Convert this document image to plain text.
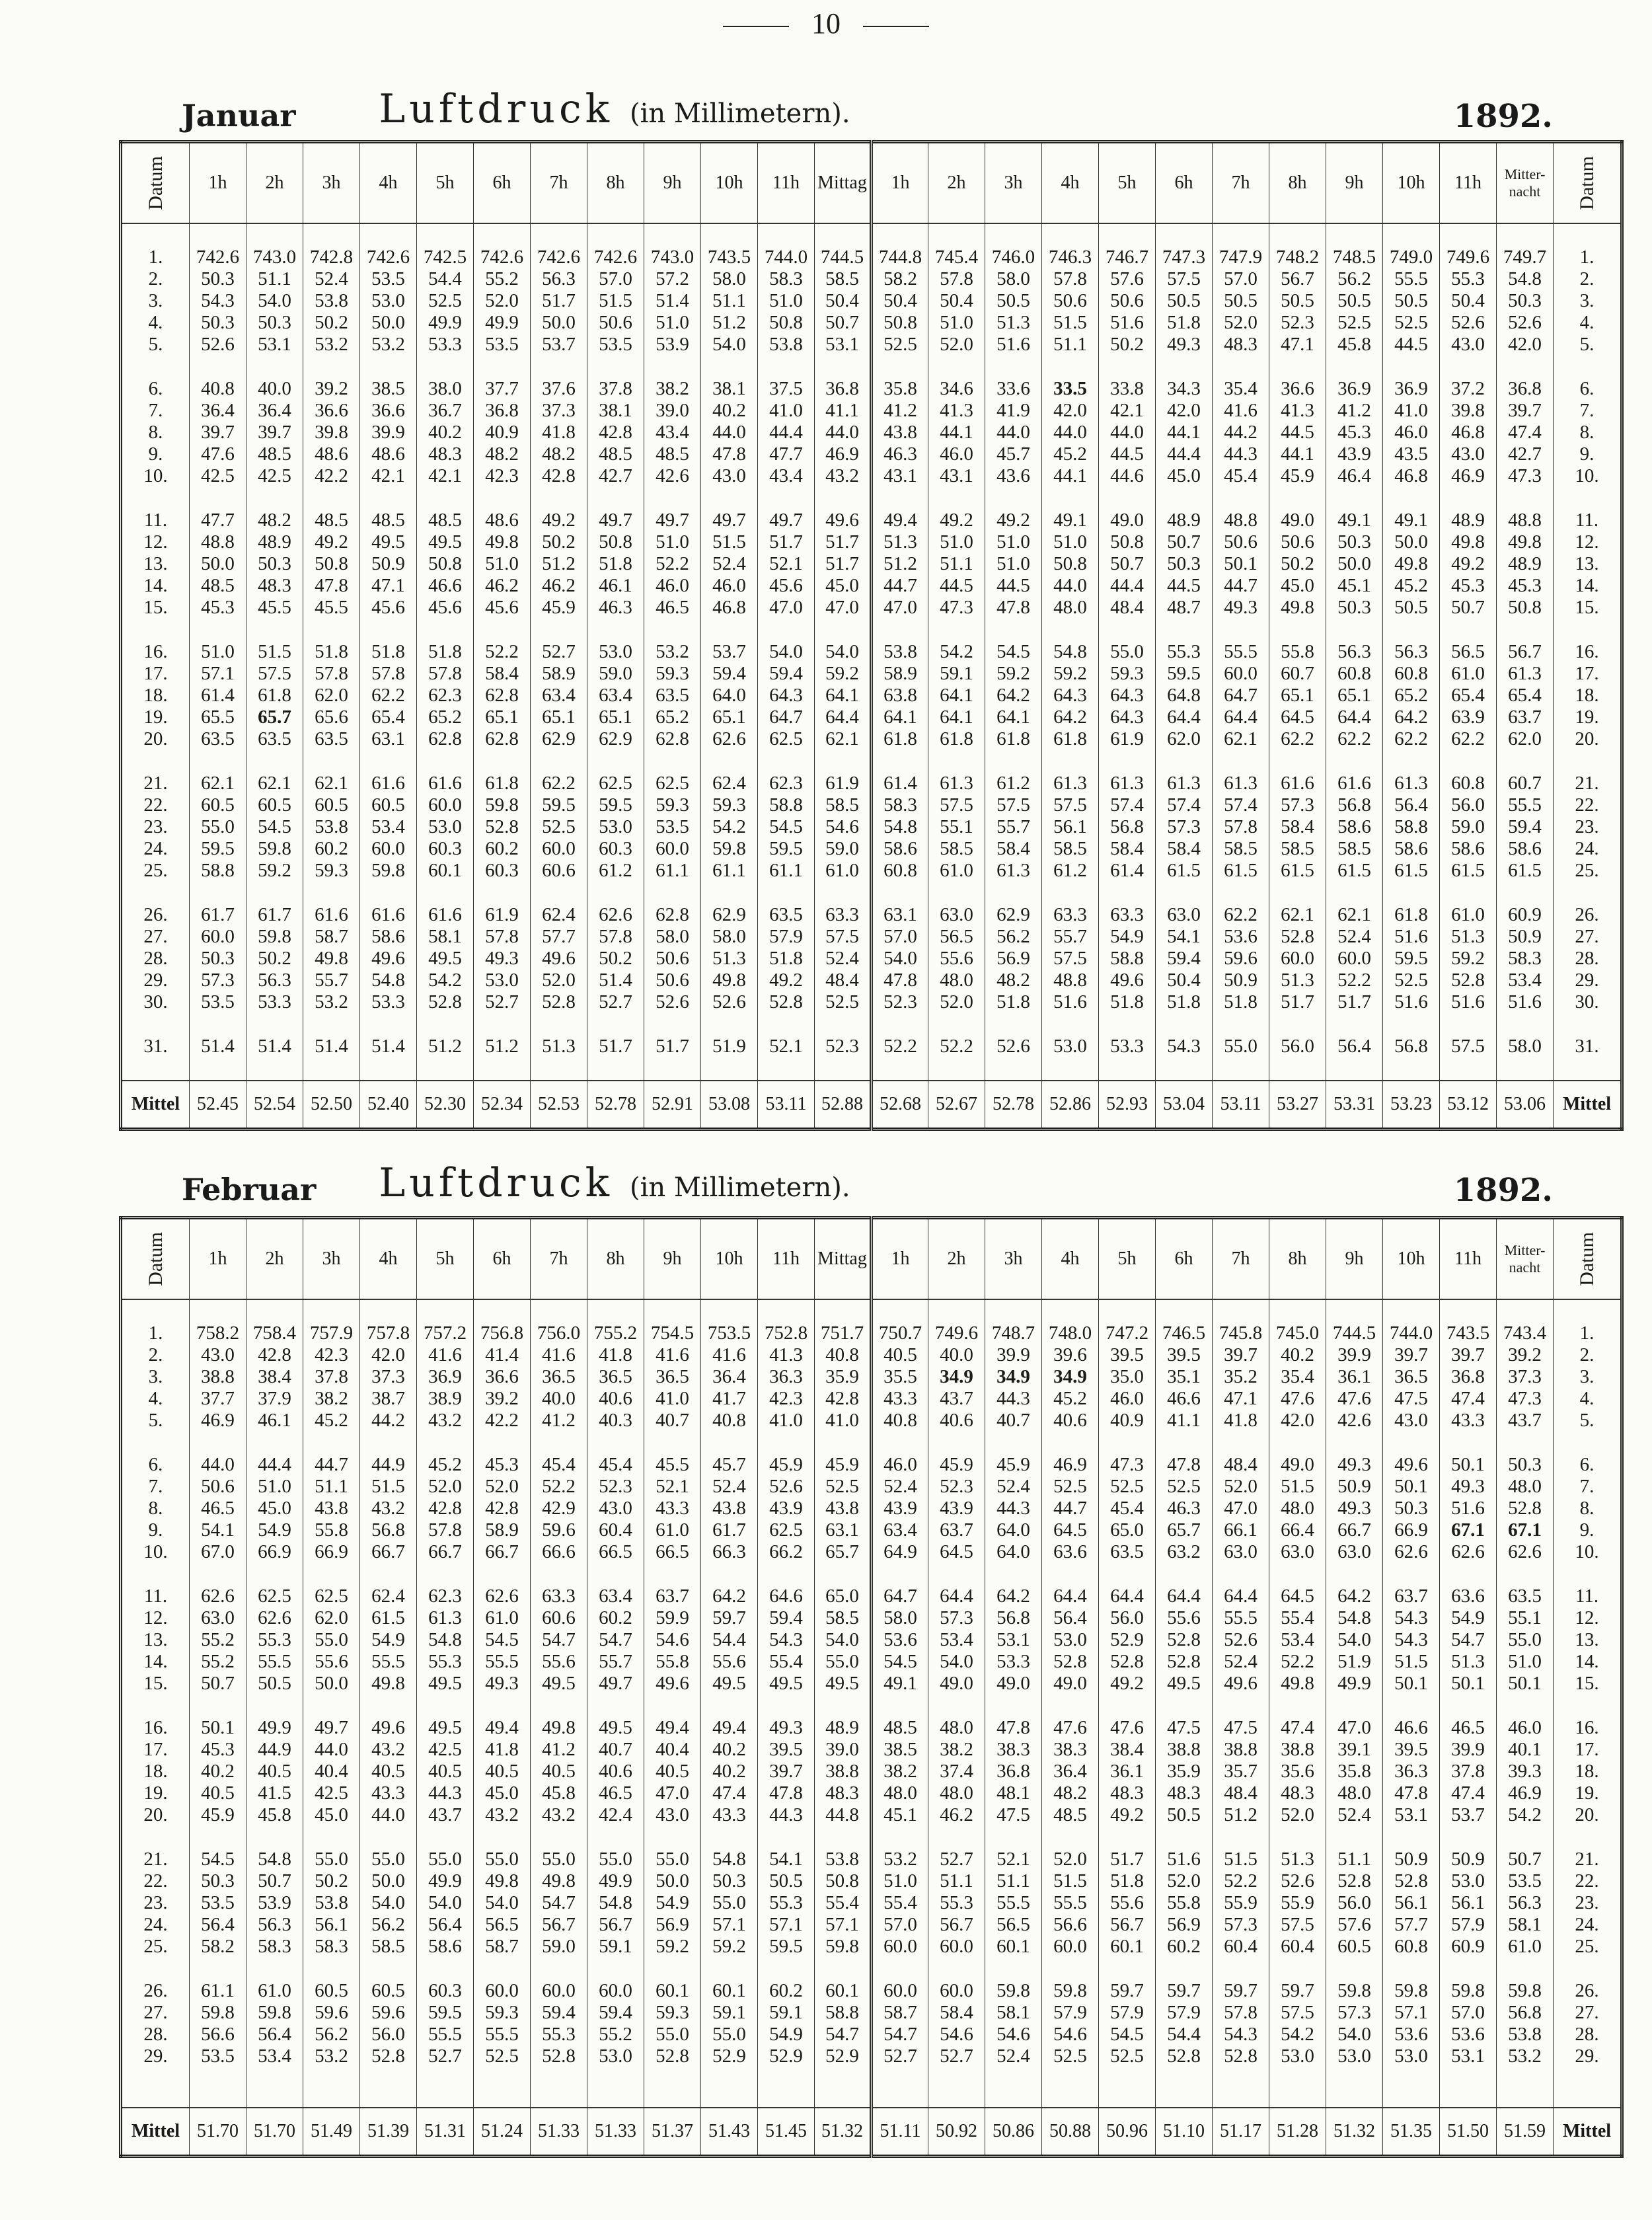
10
Januar	Luftdruck (in Millimetern).	1892.
Datum	1h	2h	3h	4h	5h	6h	7h	8h	9h	10h	11h	Mittag	1h	2h	3h	4h	5h	6h	7h	8h	9h	10h	11h	Mitter-nacht	Datum

1.	742.6	743.0	742.8	742.6	742.5	742.6	742.6	742.6	743.0	743.5	744.0	744.5	744.8	745.4	746.0	746.3	746.7	747.3	747.9	748.2	748.5	749.0	749.6	749.7	1.
2.	50.3	51.1	52.4	53.5	54.4	55.2	56.3	57.0	57.2	58.0	58.3	58.5	58.2	57.8	58.0	57.8	57.6	57.5	57.0	56.7	56.2	55.5	55.3	54.8	2.
3.	54.3	54.0	53.8	53.0	52.5	52.0	51.7	51.5	51.4	51.1	51.0	50.4	50.4	50.4	50.5	50.6	50.6	50.5	50.5	50.5	50.5	50.5	50.4	50.3	3.
4.	50.3	50.3	50.2	50.0	49.9	49.9	50.0	50.6	51.0	51.2	50.8	50.7	50.8	51.0	51.3	51.5	51.6	51.8	52.0	52.3	52.5	52.5	52.6	52.6	4.
5.	52.6	53.1	53.2	53.2	53.3	53.5	53.7	53.5	53.9	54.0	53.8	53.1	52.5	52.0	51.6	51.1	50.2	49.3	48.3	47.1	45.8	44.5	43.0	42.0	5.

6.	40.8	40.0	39.2	38.5	38.0	37.7	37.6	37.8	38.2	38.1	37.5	36.8	35.8	34.6	33.6	33.5	33.8	34.3	35.4	36.6	36.9	36.9	37.2	36.8	6.
7.	36.4	36.4	36.6	36.6	36.7	36.8	37.3	38.1	39.0	40.2	41.0	41.1	41.2	41.3	41.9	42.0	42.1	42.0	41.6	41.3	41.2	41.0	39.8	39.7	7.
8.	39.7	39.7	39.8	39.9	40.2	40.9	41.8	42.8	43.4	44.0	44.4	44.0	43.8	44.1	44.0	44.0	44.0	44.1	44.2	44.5	45.3	46.0	46.8	47.4	8.
9.	47.6	48.5	48.6	48.6	48.3	48.2	48.2	48.5	48.5	47.8	47.7	46.9	46.3	46.0	45.7	45.2	44.5	44.4	44.3	44.1	43.9	43.5	43.0	42.7	9.
10.	42.5	42.5	42.2	42.1	42.1	42.3	42.8	42.7	42.6	43.0	43.4	43.2	43.1	43.1	43.6	44.1	44.6	45.0	45.4	45.9	46.4	46.8	46.9	47.3	10.

11.	47.7	48.2	48.5	48.5	48.5	48.6	49.2	49.7	49.7	49.7	49.7	49.6	49.4	49.2	49.2	49.1	49.0	48.9	48.8	49.0	49.1	49.1	48.9	48.8	11.
12.	48.8	48.9	49.2	49.5	49.5	49.8	50.2	50.8	51.0	51.5	51.7	51.7	51.3	51.0	51.0	51.0	50.8	50.7	50.6	50.6	50.3	50.0	49.8	49.8	12.
13.	50.0	50.3	50.8	50.9	50.8	51.0	51.2	51.8	52.2	52.4	52.1	51.7	51.2	51.1	51.0	50.8	50.7	50.3	50.1	50.2	50.0	49.8	49.2	48.9	13.
14.	48.5	48.3	47.8	47.1	46.6	46.2	46.2	46.1	46.0	46.0	45.6	45.0	44.7	44.5	44.5	44.0	44.4	44.5	44.7	45.0	45.1	45.2	45.3	45.3	14.
15.	45.3	45.5	45.5	45.6	45.6	45.6	45.9	46.3	46.5	46.8	47.0	47.0	47.0	47.3	47.8	48.0	48.4	48.7	49.3	49.8	50.3	50.5	50.7	50.8	15.

16.	51.0	51.5	51.8	51.8	51.8	52.2	52.7	53.0	53.2	53.7	54.0	54.0	53.8	54.2	54.5	54.8	55.0	55.3	55.5	55.8	56.3	56.3	56.5	56.7	16.
17.	57.1	57.5	57.8	57.8	57.8	58.4	58.9	59.0	59.3	59.4	59.4	59.2	58.9	59.1	59.2	59.2	59.3	59.5	60.0	60.7	60.8	60.8	61.0	61.3	17.
18.	61.4	61.8	62.0	62.2	62.3	62.8	63.4	63.4	63.5	64.0	64.3	64.1	63.8	64.1	64.2	64.3	64.3	64.8	64.7	65.1	65.1	65.2	65.4	65.4	18.
19.	65.5	65.7	65.6	65.4	65.2	65.1	65.1	65.1	65.2	65.1	64.7	64.4	64.1	64.1	64.1	64.2	64.3	64.4	64.4	64.5	64.4	64.2	63.9	63.7	19.
20.	63.5	63.5	63.5	63.1	62.8	62.8	62.9	62.9	62.8	62.6	62.5	62.1	61.8	61.8	61.8	61.8	61.9	62.0	62.1	62.2	62.2	62.2	62.2	62.0	20.

21.	62.1	62.1	62.1	61.6	61.6	61.8	62.2	62.5	62.5	62.4	62.3	61.9	61.4	61.3	61.2	61.3	61.3	61.3	61.3	61.6	61.6	61.3	60.8	60.7	21.
22.	60.5	60.5	60.5	60.5	60.0	59.8	59.5	59.5	59.3	59.3	58.8	58.5	58.3	57.5	57.5	57.5	57.4	57.4	57.4	57.3	56.8	56.4	56.0	55.5	22.
23.	55.0	54.5	53.8	53.4	53.0	52.8	52.5	53.0	53.5	54.2	54.5	54.6	54.8	55.1	55.7	56.1	56.8	57.3	57.8	58.4	58.6	58.8	59.0	59.4	23.
24.	59.5	59.8	60.2	60.0	60.3	60.2	60.0	60.3	60.0	59.8	59.5	59.0	58.6	58.5	58.4	58.5	58.4	58.4	58.5	58.5	58.5	58.6	58.6	58.6	24.
25.	58.8	59.2	59.3	59.8	60.1	60.3	60.6	61.2	61.1	61.1	61.1	61.0	60.8	61.0	61.3	61.2	61.4	61.5	61.5	61.5	61.5	61.5	61.5	61.5	25.

26.	61.7	61.7	61.6	61.6	61.6	61.9	62.4	62.6	62.8	62.9	63.5	63.3	63.1	63.0	62.9	63.3	63.3	63.0	62.2	62.1	62.1	61.8	61.0	60.9	26.
27.	60.0	59.8	58.7	58.6	58.1	57.8	57.7	57.8	58.0	58.0	57.9	57.5	57.0	56.5	56.2	55.7	54.9	54.1	53.6	52.8	52.4	51.6	51.3	50.9	27.
28.	50.3	50.2	49.8	49.6	49.5	49.3	49.6	50.2	50.6	51.3	51.8	52.4	54.0	55.6	56.9	57.5	58.8	59.4	59.6	60.0	60.0	59.5	59.2	58.3	28.
29.	57.3	56.3	55.7	54.8	54.2	53.0	52.0	51.4	50.6	49.8	49.2	48.4	47.8	48.0	48.2	48.8	49.6	50.4	50.9	51.3	52.2	52.5	52.8	53.4	29.
30.	53.5	53.3	53.2	53.3	52.8	52.7	52.8	52.7	52.6	52.6	52.8	52.5	52.3	52.0	51.8	51.6	51.8	51.8	51.8	51.7	51.7	51.6	51.6	51.6	30.

31.	51.4	51.4	51.4	51.4	51.2	51.2	51.3	51.7	51.7	51.9	52.1	52.3	52.2	52.2	52.6	53.0	53.3	54.3	55.0	56.0	56.4	56.8	57.5	58.0	31.

Mittel	52.45	52.54	52.50	52.40	52.30	52.34	52.53	52.78	52.91	53.08	53.11	52.88	52.68	52.67	52.78	52.86	52.93	53.04	53.11	53.27	53.31	53.23	53.12	53.06	Mittel
Februar	Luftdruck (in Millimetern).	1892.
Datum	1h	2h	3h	4h	5h	6h	7h	8h	9h	10h	11h	Mittag	1h	2h	3h	4h	5h	6h	7h	8h	9h	10h	11h	Mitter-nacht	Datum

1.	758.2	758.4	757.9	757.8	757.2	756.8	756.0	755.2	754.5	753.5	752.8	751.7	750.7	749.6	748.7	748.0	747.2	746.5	745.8	745.0	744.5	744.0	743.5	743.4	1.
2.	43.0	42.8	42.3	42.0	41.6	41.4	41.6	41.8	41.6	41.6	41.3	40.8	40.5	40.0	39.9	39.6	39.5	39.5	39.7	40.2	39.9	39.7	39.7	39.2	2.
3.	38.8	38.4	37.8	37.3	36.9	36.6	36.5	36.5	36.5	36.4	36.3	35.9	35.5	34.9	34.9	34.9	35.0	35.1	35.2	35.4	36.1	36.5	36.8	37.3	3.
4.	37.7	37.9	38.2	38.7	38.9	39.2	40.0	40.6	41.0	41.7	42.3	42.8	43.3	43.7	44.3	45.2	46.0	46.6	47.1	47.6	47.6	47.5	47.4	47.3	4.
5.	46.9	46.1	45.2	44.2	43.2	42.2	41.2	40.3	40.7	40.8	41.0	41.0	40.8	40.6	40.7	40.6	40.9	41.1	41.8	42.0	42.6	43.0	43.3	43.7	5.

6.	44.0	44.4	44.7	44.9	45.2	45.3	45.4	45.4	45.5	45.7	45.9	45.9	46.0	45.9	45.9	46.9	47.3	47.8	48.4	49.0	49.3	49.6	50.1	50.3	6.
7.	50.6	51.0	51.1	51.5	52.0	52.0	52.2	52.3	52.1	52.4	52.6	52.5	52.4	52.3	52.4	52.5	52.5	52.5	52.0	51.5	50.9	50.1	49.3	48.0	7.
8.	46.5	45.0	43.8	43.2	42.8	42.8	42.9	43.0	43.3	43.8	43.9	43.8	43.9	43.9	44.3	44.7	45.4	46.3	47.0	48.0	49.3	50.3	51.6	52.8	8.
9.	54.1	54.9	55.8	56.8	57.8	58.9	59.6	60.4	61.0	61.7	62.5	63.1	63.4	63.7	64.0	64.5	65.0	65.7	66.1	66.4	66.7	66.9	67.1	67.1	9.
10.	67.0	66.9	66.9	66.7	66.7	66.7	66.6	66.5	66.5	66.3	66.2	65.7	64.9	64.5	64.0	63.6	63.5	63.2	63.0	63.0	63.0	62.6	62.6	62.6	10.

11.	62.6	62.5	62.5	62.4	62.3	62.6	63.3	63.4	63.7	64.2	64.6	65.0	64.7	64.4	64.2	64.4	64.4	64.4	64.4	64.5	64.2	63.7	63.6	63.5	11.
12.	63.0	62.6	62.0	61.5	61.3	61.0	60.6	60.2	59.9	59.7	59.4	58.5	58.0	57.3	56.8	56.4	56.0	55.6	55.5	55.4	54.8	54.3	54.9	55.1	12.
13.	55.2	55.3	55.0	54.9	54.8	54.5	54.7	54.7	54.6	54.4	54.3	54.0	53.6	53.4	53.1	53.0	52.9	52.8	52.6	53.4	54.0	54.3	54.7	55.0	13.
14.	55.2	55.5	55.6	55.5	55.3	55.5	55.6	55.7	55.8	55.6	55.4	55.0	54.5	54.0	53.3	52.8	52.8	52.8	52.4	52.2	51.9	51.5	51.3	51.0	14.
15.	50.7	50.5	50.0	49.8	49.5	49.3	49.5	49.7	49.6	49.5	49.5	49.5	49.1	49.0	49.0	49.0	49.2	49.5	49.6	49.8	49.9	50.1	50.1	50.1	15.

16.	50.1	49.9	49.7	49.6	49.5	49.4	49.8	49.5	49.4	49.4	49.3	48.9	48.5	48.0	47.8	47.6	47.6	47.5	47.5	47.4	47.0	46.6	46.5	46.0	16.
17.	45.3	44.9	44.0	43.2	42.5	41.8	41.2	40.7	40.4	40.2	39.5	39.0	38.5	38.2	38.3	38.3	38.4	38.8	38.8	38.8	39.1	39.5	39.9	40.1	17.
18.	40.2	40.5	40.4	40.5	40.5	40.5	40.5	40.6	40.5	40.2	39.7	38.8	38.2	37.4	36.8	36.4	36.1	35.9	35.7	35.6	35.8	36.3	37.8	39.3	18.
19.	40.5	41.5	42.5	43.3	44.3	45.0	45.8	46.5	47.0	47.4	47.8	48.3	48.0	48.0	48.1	48.2	48.3	48.3	48.4	48.3	48.0	47.8	47.4	46.9	19.
20.	45.9	45.8	45.0	44.0	43.7	43.2	43.2	42.4	43.0	43.3	44.3	44.8	45.1	46.2	47.5	48.5	49.2	50.5	51.2	52.0	52.4	53.1	53.7	54.2	20.

21.	54.5	54.8	55.0	55.0	55.0	55.0	55.0	55.0	55.0	54.8	54.1	53.8	53.2	52.7	52.1	52.0	51.7	51.6	51.5	51.3	51.1	50.9	50.9	50.7	21.
22.	50.3	50.7	50.2	50.0	49.9	49.8	49.8	49.9	50.0	50.3	50.5	50.8	51.0	51.1	51.1	51.5	51.8	52.0	52.2	52.6	52.8	52.8	53.0	53.5	22.
23.	53.5	53.9	53.8	54.0	54.0	54.0	54.7	54.8	54.9	55.0	55.3	55.4	55.4	55.3	55.5	55.5	55.6	55.8	55.9	55.9	56.0	56.1	56.1	56.3	23.
24.	56.4	56.3	56.1	56.2	56.4	56.5	56.7	56.7	56.9	57.1	57.1	57.1	57.0	56.7	56.5	56.6	56.7	56.9	57.3	57.5	57.6	57.7	57.9	58.1	24.
25.	58.2	58.3	58.3	58.5	58.6	58.7	59.0	59.1	59.2	59.2	59.5	59.8	60.0	60.0	60.1	60.0	60.1	60.2	60.4	60.4	60.5	60.8	60.9	61.0	25.

26.	61.1	61.0	60.5	60.5	60.3	60.0	60.0	60.0	60.1	60.1	60.2	60.1	60.0	60.0	59.8	59.8	59.7	59.7	59.7	59.7	59.8	59.8	59.8	59.8	26.
27.	59.8	59.8	59.6	59.6	59.5	59.3	59.4	59.4	59.3	59.1	59.1	58.8	58.7	58.4	58.1	57.9	57.9	57.9	57.8	57.5	57.3	57.1	57.0	56.8	27.
28.	56.6	56.4	56.2	56.0	55.5	55.5	55.3	55.2	55.0	55.0	54.9	54.7	54.7	54.6	54.6	54.6	54.5	54.4	54.3	54.2	54.0	53.6	53.6	53.8	28.
29.	53.5	53.4	53.2	52.8	52.7	52.5	52.8	53.0	52.8	52.9	52.9	52.9	52.7	52.7	52.4	52.5	52.5	52.8	52.8	53.0	53.0	53.0	53.1	53.2	29.

Mittel	51.70	51.70	51.49	51.39	51.31	51.24	51.33	51.33	51.37	51.43	51.45	51.32	51.11	50.92	50.86	50.88	50.96	51.10	51.17	51.28	51.32	51.35	51.50	51.59	Mittel
